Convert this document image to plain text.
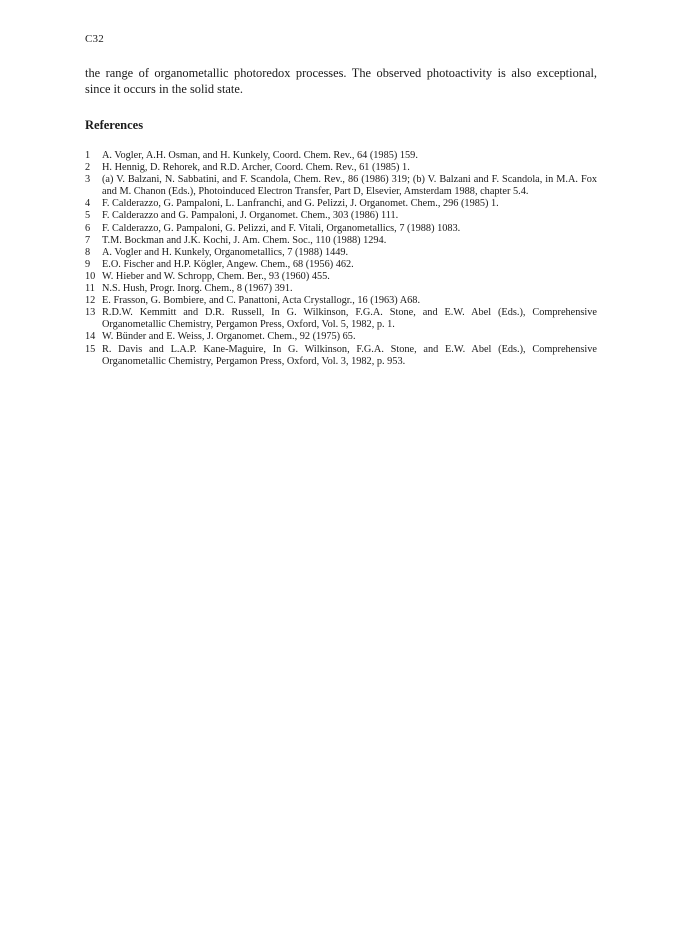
C32

the range of organometallic photoredox processes. The observed photoactivity is also exceptional, since it occurs in the solid state.

References
1	A. Vogler, A.H. Osman, and H. Kunkely, Coord. Chem. Rev., 64 (1985) 159.
2	H. Hennig, D. Rehorek, and R.D. Archer, Coord. Chem. Rev., 61 (1985) 1.
3	(a) V. Balzani, N. Sabbatini, and F. Scandola, Chem. Rev., 86 (1986) 319; (b) V. Balzani and F. Scandola, in M.A. Fox and M. Chanon (Eds.), Photoinduced Electron Transfer, Part D, Elsevier, Amsterdam 1988, chapter 5.4.
4	F. Calderazzo, G. Pampaloni, L. Lanfranchi, and G. Pelizzi, J. Organomet. Chem., 296 (1985) 1.
5	F. Calderazzo and G. Pampaloni, J. Organomet. Chem., 303 (1986) 111.
6	F. Calderazzo, G. Pampaloni, G. Pelizzi, and F. Vitali, Organometallics, 7 (1988) 1083.
7	T.M. Bockman and J.K. Kochi, J. Am. Chem. Soc., 110 (1988) 1294.
8	A. Vogler and H. Kunkely, Organometallics, 7 (1988) 1449.
9	E.O. Fischer and H.P. Kögler, Angew. Chem., 68 (1956) 462.
10 W. Hieber and W. Schropp, Chem. Ber., 93 (1960) 455.
11 N.S. Hush, Progr. Inorg. Chem., 8 (1967) 391.
12 E. Frasson, G. Bombiere, and C. Panattoni, Acta Crystallogr., 16 (1963) A68.
13 R.D.W. Kemmitt and D.R. Russell, In G. Wilkinson, F.G.A. Stone, and E.W. Abel (Eds.), Comprehensive Organometallic Chemistry, Pergamon Press, Oxford, Vol. 5, 1982, p. 1.
14 W. Bünder and E. Weiss, J. Organomet. Chem., 92 (1975) 65.
15 R. Davis and L.A.P. Kane-Maguire, In G. Wilkinson, F.G.A. Stone, and E.W. Abel (Eds.), Comprehensive Organometallic Chemistry, Pergamon Press, Oxford, Vol. 3, 1982, p. 953.
